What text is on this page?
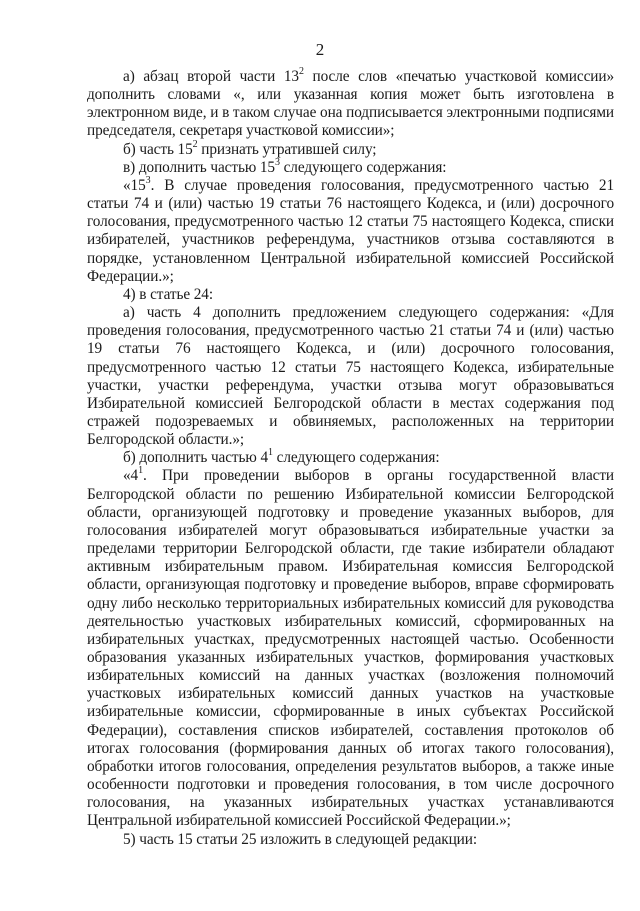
2

а) абзац второй части $13^2$ после слов «печатью участковой комиссии» дополнить словами «, или указанная копия может быть изготовлена в электронном виде, и в таком случае она подписывается электронными подписями председателя, секретаря участковой комиссии»;

б) часть $15^2$ признать утратившей силу;

в) дополнить частью $15^3$ следующего содержания:

«$15^3$. В случае проведения голосования, предусмотренного частью 21 статьи 74 и (или) частью 19 статьи 76 настоящего Кодекса, и (или) досрочного голосования, предусмотренного частью 12 статьи 75 настоящего Кодекса, списки избирателей, участников референдума, участников отзыва составляются в порядке, установленном Центральной избирательной комиссией Российской Федерации.»;

4) в статье 24:

а) часть 4 дополнить предложением следующего содержания: «Для проведения голосования, предусмотренного частью 21 статьи 74 и (или) частью 19 статьи 76 настоящего Кодекса, и (или) досрочного голосования, предусмотренного частью 12 статьи 75 настоящего Кодекса, избирательные участки, участки референдума, участки отзыва могут образовываться Избирательной комиссией Белгородской области в местах содержания под стражей подозреваемых и обвиняемых, расположенных на территории Белгородской области.»;

б) дополнить частью $4^1$ следующего содержания:

«$4^1$. При проведении выборов в органы государственной власти Белгородской области по решению Избирательной комиссии Белгородской области, организующей подготовку и проведение указанных выборов, для голосования избирателей могут образовываться избирательные участки за пределами территории Белгородской области, где такие избиратели обладают активным избирательным правом. Избирательная комиссия Белгородской области, организующая подготовку и проведение выборов, вправе сформировать одну либо несколько территориальных избирательных комиссий для руководства деятельностью участковых избирательных комиссий, сформированных на избирательных участках, предусмотренных настоящей частью. Особенности образования указанных избирательных участков, формирования участковых избирательных комиссий на данных участках (возложения полномочий участковых избирательных комиссий данных участков на участковые избирательные комиссии, сформированные в иных субъектах Российской Федерации), составления списков избирателей, составления протоколов об итогах голосования (формирования данных об итогах такого голосования), обработки итогов голосования, определения результатов выборов, а также иные особенности подготовки и проведения голосования, в том числе досрочного голосования, на указанных избирательных участках устанавливаются Центральной избирательной комиссией Российской Федерации.»;

5) часть 15 статьи 25 изложить в следующей редакции:
